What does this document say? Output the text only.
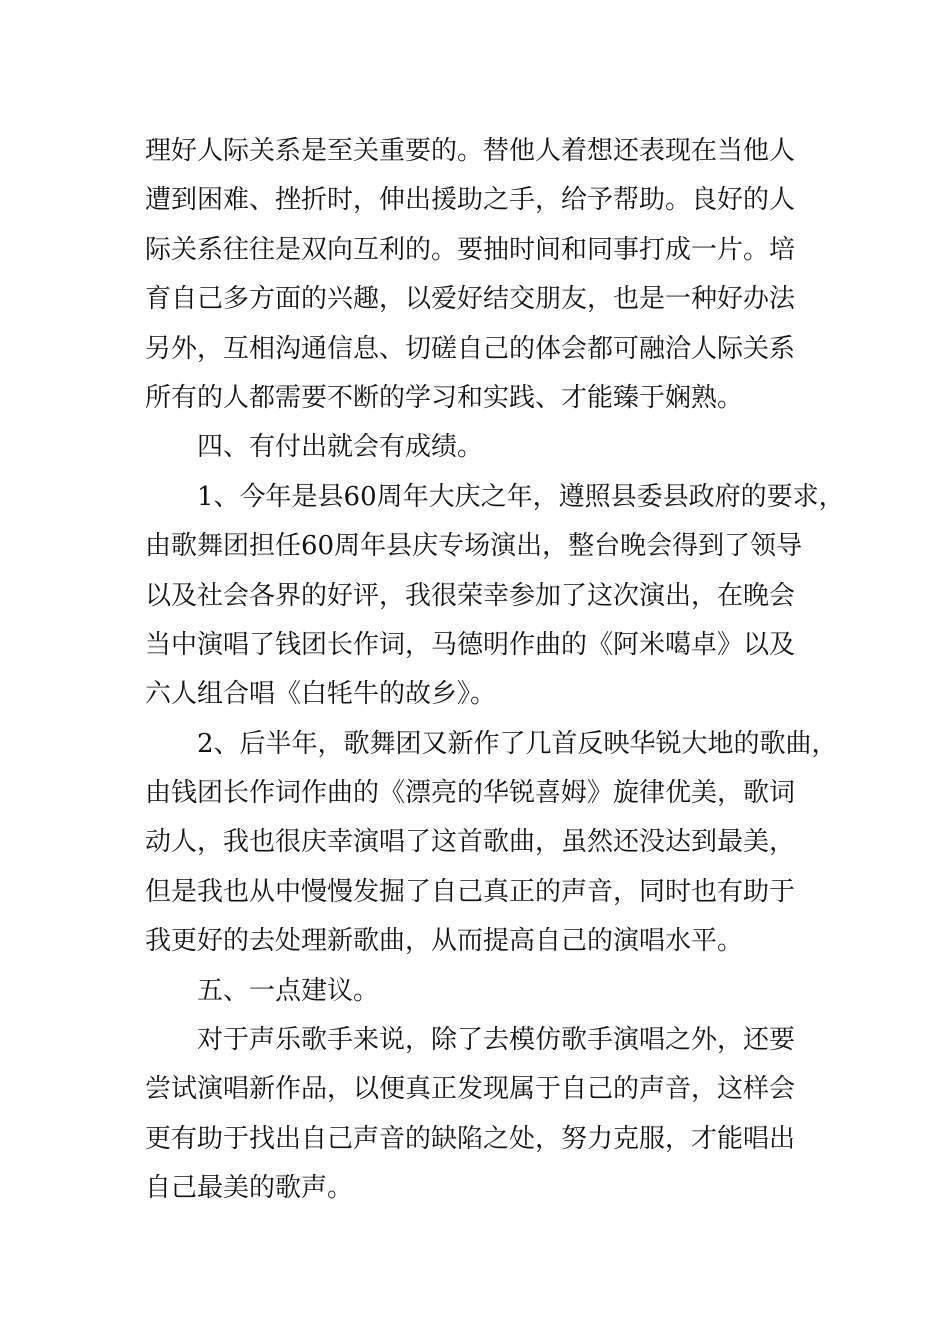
理好人际关系是至关重要的。替他人着想还表现在当他人
遭到困难、挫折时，伸出援助之手，给予帮助。良好的人
际关系往往是双向互利的。要抽时间和同事打成一片。培
育自己多方面的兴趣，以爱好结交朋友，也是一种好办法
另外，互相沟通信息、切磋自己的体会都可融洽人际关系
所有的人都需要不断的学习和实践、才能臻于娴熟。
四、有付出就会有成绩。
1、今年是县60周年大庆之年，遵照县委县政府的要求，
由歌舞团担任60周年县庆专场演出，整台晚会得到了领导
以及社会各界的好评，我很荣幸参加了这次演出，在晚会
当中演唱了钱团长作词，马德明作曲的《阿米噶卓》以及
六人组合唱《白牦牛的故乡》。
2、后半年，歌舞团又新作了几首反映华锐大地的歌曲，
由钱团长作词作曲的《漂亮的华锐喜姆》旋律优美，歌词
动人，我也很庆幸演唱了这首歌曲，虽然还没达到最美，
但是我也从中慢慢发掘了自己真正的声音，同时也有助于
我更好的去处理新歌曲，从而提高自己的演唱水平。
五、一点建议。
对于声乐歌手来说，除了去模仿歌手演唱之外，还要
尝试演唱新作品，以便真正发现属于自己的声音，这样会
更有助于找出自己声音的缺陷之处，努力克服，才能唱出
自己最美的歌声。
